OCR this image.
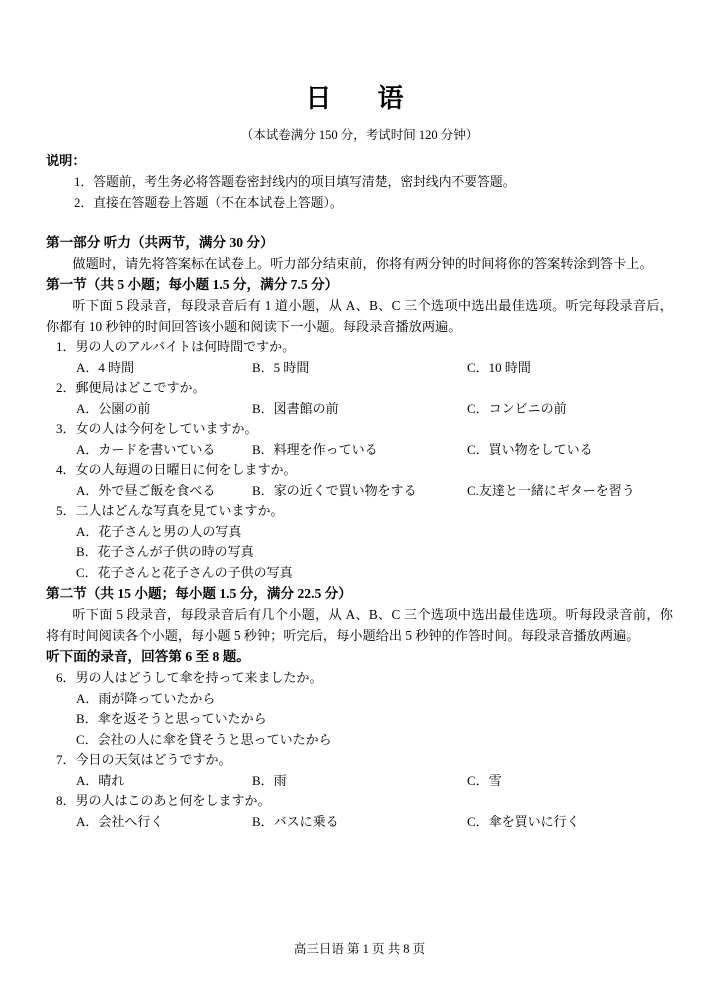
日　语
（本试卷满分 150 分，考试时间 120 分钟）
说明：
1．答题前，考生务必将答题卷密封线内的项目填写清楚，密封线内不要答题。
2．直接在答题卷上答题（不在本试卷上答题）。
第一部分 听力（共两节，满分 30 分）
做题时，请先将答案标在试卷上。听力部分结束前，你将有两分钟的时间将你的答案转涂到答卡上。
第一节（共 5 小题；每小题 1.5 分，满分 7.5 分）
听下面 5 段录音，每段录音后有 1 道小题，从 A、B、C 三个选项中选出最佳选项。听完每段录音后，你都有 10 秒钟的时间回答该小题和阅读下一小题。每段录音播放两遍。
1．男の人のアルバイトは何時間ですか。
A．4 時間	B．5 時間	C．10 時間
2．郵便局はどこですか。
A．公園の前	B．図書館の前	C．コンビニの前
3．女の人は今何をしていますか。
A．カードを書いている	B．料理を作っている	C．買い物をしている
4．女の人毎週の日曜日に何をしますか。
A．外で昼ご飯を食べる	B．家の近くで買い物をする	C.友達と一緒にギターを習う
5．二人はどんな写真を見ていますか。
A．花子さんと男の人の写真
B．花子さんが子供の時の写真
C．花子さんと花子さんの子供の写真
第二节（共 15 小题；每小题 1.5 分，满分 22.5 分）
听下面 5 段录音，每段录音后有几个小题，从 A、B、C 三个选项中选出最佳选项。听每段录音前，你将有时间阅读各个小题，每小题 5 秒钟；听完后，每小题给出 5 秒钟的作答时间。每段录音播放两遍。
听下面的录音，回答第 6 至 8 题。
6．男の人はどうして傘を持って来ましたか。
A．雨が降っていたから
B．傘を返そうと思っていたから
C．会社の人に傘を貸そうと思っていたから
7．今日の天気はどうですか。
A．晴れ	B．雨	C．雪
8．男の人はこのあと何をしますか。
A．会社へ行く	B．バスに乗る	C．傘を買いに行く
高三日语 第 1 页 共 8 页
